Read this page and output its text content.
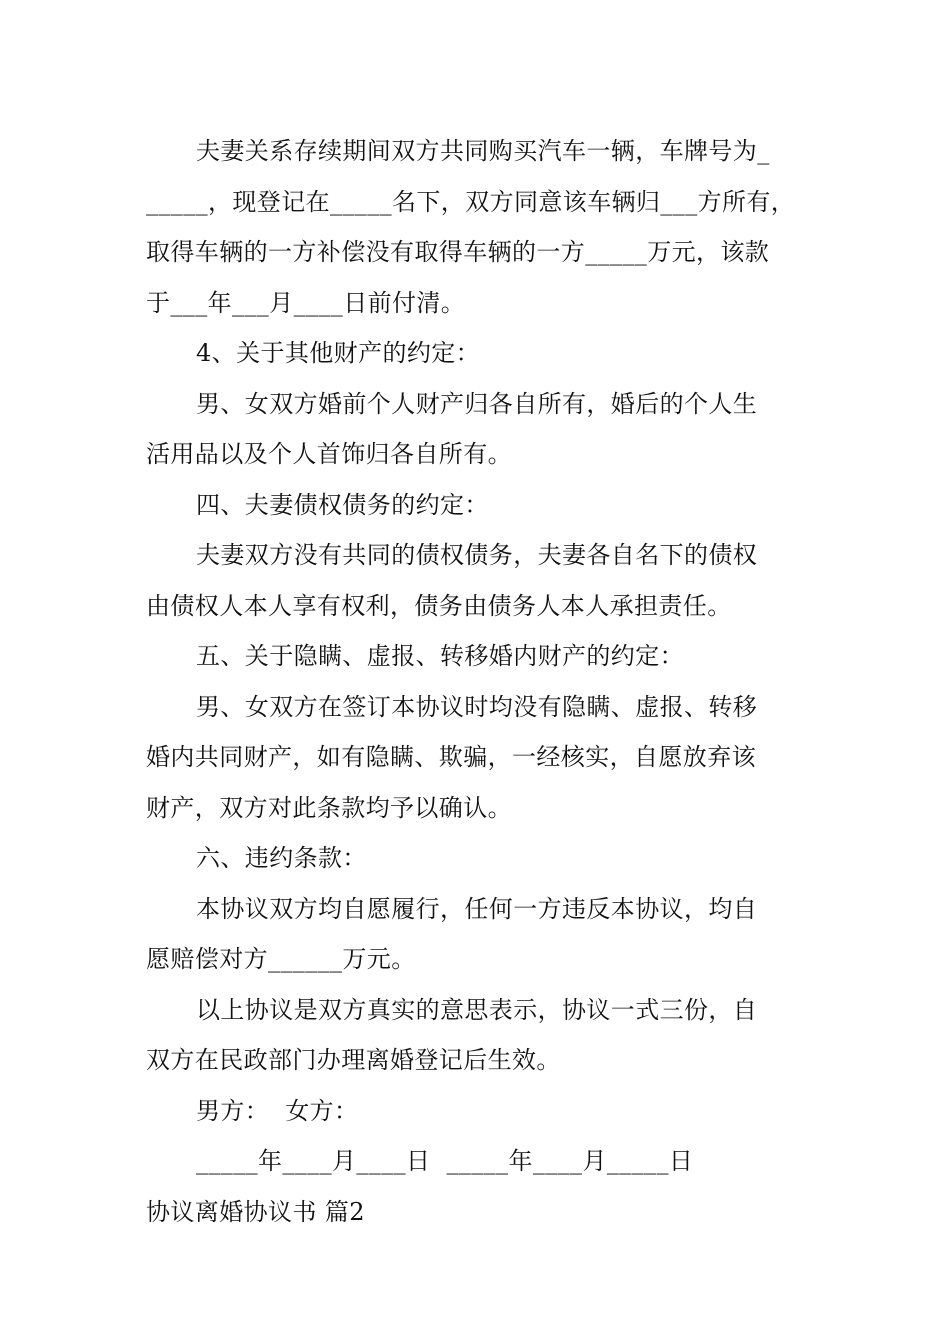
夫妻关系存续期间双方共同购买汽车一辆，车牌号为_
_____，现登记在_____名下，双方同意该车辆归___方所有，
取得车辆的一方补偿没有取得车辆的一方_____万元，该款
于___年___月____日前付清。
4、关于其他财产的约定：
男、女双方婚前个人财产归各自所有，婚后的个人生
活用品以及个人首饰归各自所有。
四、夫妻债权债务的约定：
夫妻双方没有共同的债权债务，夫妻各自名下的债权
由债权人本人享有权利，债务由债务人本人承担责任。
五、关于隐瞒、虚报、转移婚内财产的约定：
男、女双方在签订本协议时均没有隐瞒、虚报、转移
婚内共同财产，如有隐瞒、欺骗，一经核实，自愿放弃该
财产，双方对此条款均予以确认。
六、违约条款：
本协议双方均自愿履行，任何一方违反本协议，均自
愿赔偿对方______万元。
以上协议是双方真实的意思表示，协议一式三份，自
双方在民政部门办理离婚登记后生效。
男方：  女方：
_____年____月____日  _____年____月_____日
协议离婚协议书 篇2
